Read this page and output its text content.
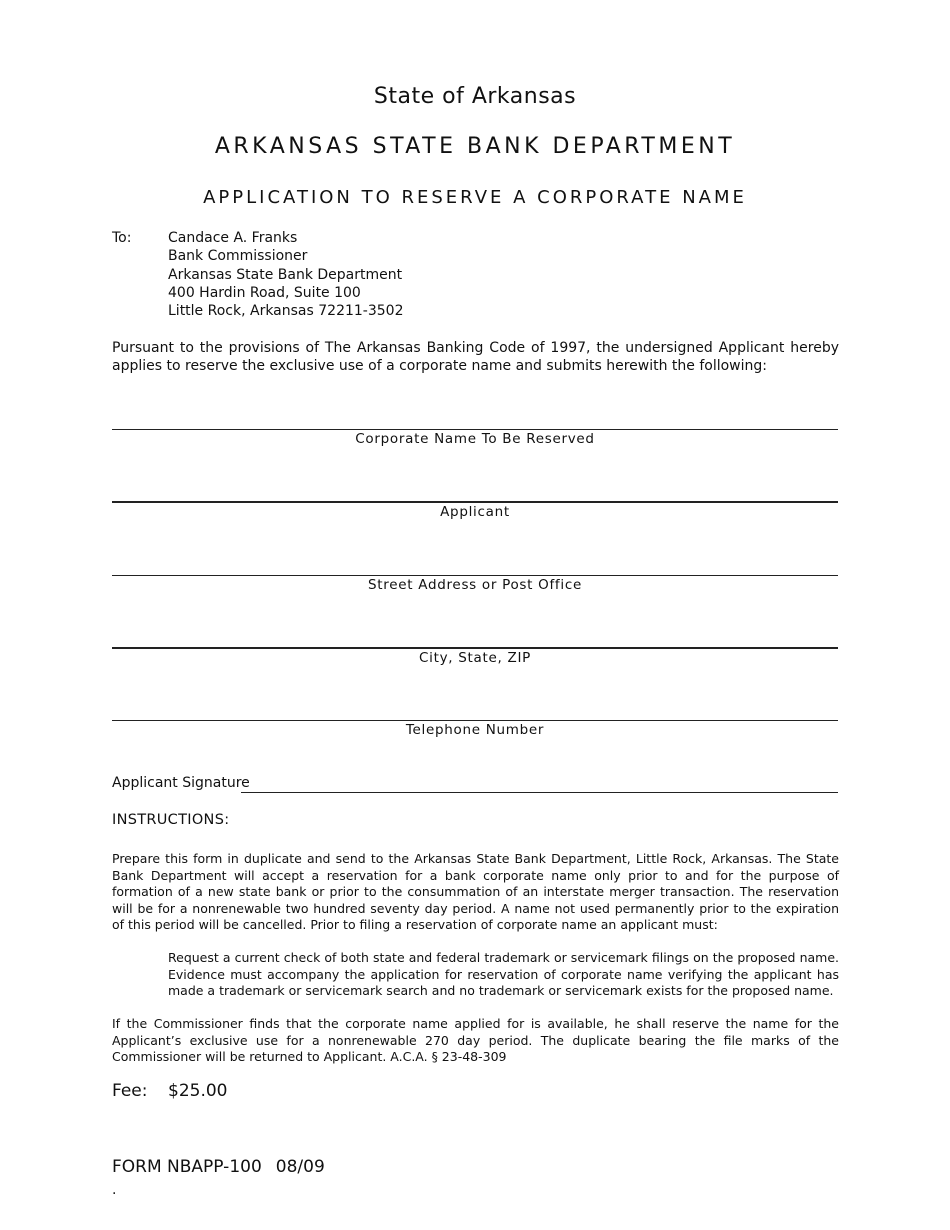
State of Arkansas
ARKANSAS STATE BANK DEPARTMENT
APPLICATION TO RESERVE A CORPORATE NAME
To:	Candace A. Franks
Bank Commissioner
Arkansas State Bank Department
400 Hardin Road, Suite 100
Little Rock, Arkansas 72211-3502
Pursuant to the provisions of The Arkansas Banking Code of 1997, the undersigned Applicant hereby applies to reserve the exclusive use of a corporate name and submits herewith the following:
Corporate Name To Be Reserved
Applicant
Street Address or Post Office
City, State, ZIP
Telephone Number
Applicant Signature
INSTRUCTIONS:
Prepare this form in duplicate and send to the Arkansas State Bank Department, Little Rock, Arkansas. The State Bank Department will accept a reservation for a bank corporate name only prior to and for the purpose of formation of a new state bank or prior to the consummation of an interstate merger transaction. The reservation will be for a nonrenewable two hundred seventy day period. A name not used permanently prior to the expiration of this period will be cancelled. Prior to filing a reservation of corporate name an applicant must:
Request a current check of both state and federal trademark or servicemark filings on the proposed name. Evidence must accompany the application for reservation of corporate name verifying the applicant has made a trademark or servicemark search and no trademark or servicemark exists for the proposed name.
If the Commissioner finds that the corporate name applied for is available, he shall reserve the name for the Applicant’s exclusive use for a nonrenewable 270 day period. The duplicate bearing the file marks of the Commissioner will be returned to Applicant. A.C.A. § 23-48-309
Fee: $25.00
FORM NBAPP-100 08/09
.
